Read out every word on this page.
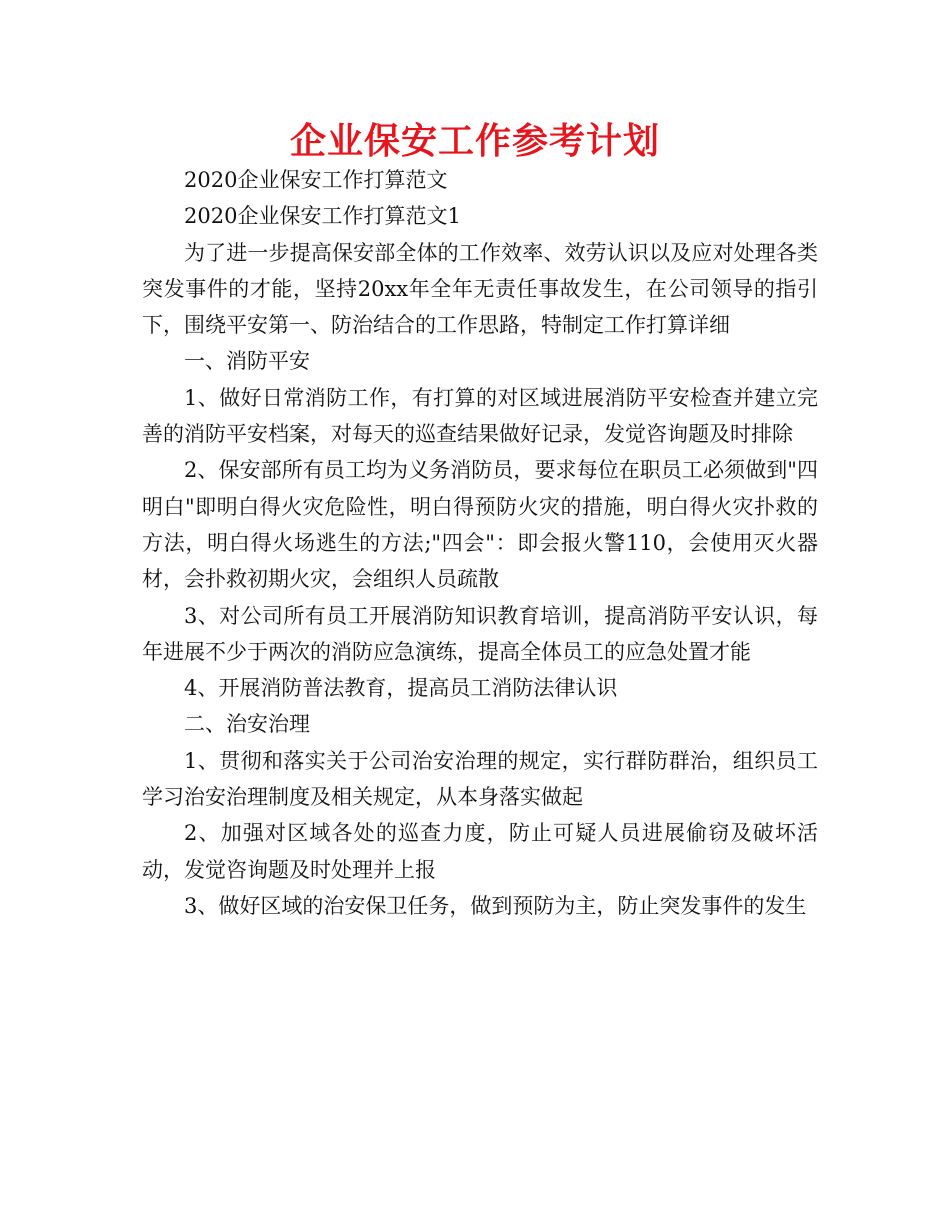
企业保安工作参考计划

2020企业保安工作打算范文

2020企业保安工作打算范文1

为了进一步提高保安部全体的工作效率、效劳认识以及应对处理各类突发事件的才能，坚持20xx年全年无责任事故发生，在公司领导的指引下，围绕平安第一、防治结合的工作思路，特制定工作打算详细

一、消防平安

1、做好日常消防工作，有打算的对区域进展消防平安检查并建立完善的消防平安档案，对每天的巡查结果做好记录，发觉咨询题及时排除

2、保安部所有员工均为义务消防员，要求每位在职员工必须做到"四明白"即明白得火灾危险性，明白得预防火灾的措施，明白得火灾扑救的方法，明白得火场逃生的方法;"四会"：即会报火警110，会使用灭火器材，会扑救初期火灾，会组织人员疏散

3、对公司所有员工开展消防知识教育培训，提高消防平安认识，每年进展不少于两次的消防应急演练，提高全体员工的应急处置才能

4、开展消防普法教育，提高员工消防法律认识

二、治安治理

1、贯彻和落实关于公司治安治理的规定，实行群防群治，组织员工学习治安治理制度及相关规定，从本身落实做起

2、加强对区域各处的巡查力度，防止可疑人员进展偷窃及破坏活动，发觉咨询题及时处理并上报

3、做好区域的治安保卫任务，做到预防为主，防止突发事件的发生
